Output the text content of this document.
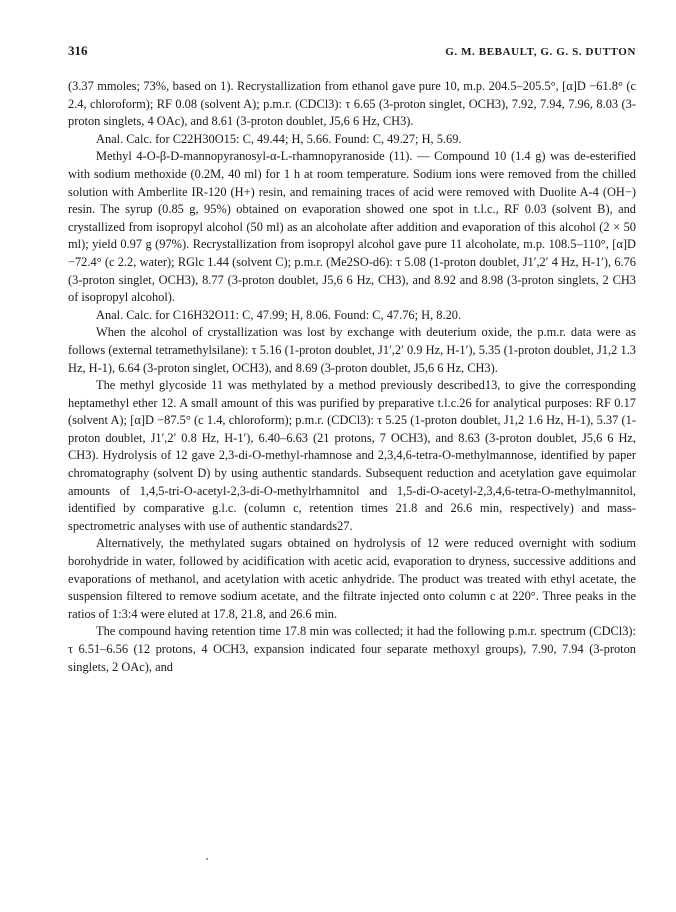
316	G. M. BEBAULT, G. G. S. DUTTON

(3.37 mmoles; 73%, based on 1). Recrystallization from ethanol gave pure 10, m.p. 204.5–205.5°, [α]D −61.8° (c 2.4, chloroform); RF 0.08 (solvent A); p.m.r. (CDCl3): τ 6.65 (3-proton singlet, OCH3), 7.92, 7.94, 7.96, 8.03 (3-proton singlets, 4 OAc), and 8.61 (3-proton doublet, J5,6 6 Hz, CH3).

Anal. Calc. for C22H30O15: C, 49.44; H, 5.66. Found: C, 49.27; H, 5.69.

Methyl 4-O-β-D-mannopyranosyl-α-L-rhamnopyranoside (11). — Compound 10 (1.4 g) was de-esterified with sodium methoxide (0.2M, 40 ml) for 1 h at room temperature. Sodium ions were removed from the chilled solution with Amberlite IR-120 (H+) resin, and remaining traces of acid were removed with Duolite A-4 (OH−) resin. The syrup (0.85 g, 95%) obtained on evaporation showed one spot in t.l.c., RF 0.03 (solvent B), and crystallized from isopropyl alcohol (50 ml) as an alcoholate after addition and evaporation of this alcohol (2 × 50 ml); yield 0.97 g (97%). Recrystallization from isopropyl alcohol gave pure 11 alcoholate, m.p. 108.5–110°, [α]D −72.4° (c 2.2, water); RGlc 1.44 (solvent C); p.m.r. (Me2SO-d6): τ 5.08 (1-proton doublet, J1′,2′ 4 Hz, H-1′), 6.76 (3-proton singlet, OCH3), 8.77 (3-proton doublet, J5,6 6 Hz, CH3), and 8.92 and 8.98 (3-proton singlets, 2 CH3 of isopropyl alcohol).

Anal. Calc. for C16H32O11: C, 47.99; H, 8.06. Found: C, 47.76; H, 8.20.

When the alcohol of crystallization was lost by exchange with deuterium oxide, the p.m.r. data were as follows (external tetramethylsilane): τ 5.16 (1-proton doublet, J1′,2′ 0.9 Hz, H-1′), 5.35 (1-proton doublet, J1,2 1.3 Hz, H-1), 6.64 (3-proton singlet, OCH3), and 8.69 (3-proton doublet, J5,6 6 Hz, CH3).

The methyl glycoside 11 was methylated by a method previously described13, to give the corresponding heptamethyl ether 12. A small amount of this was purified by preparative t.l.c.26 for analytical purposes: RF 0.17 (solvent A); [α]D −87.5° (c 1.4, chloroform); p.m.r. (CDCl3): τ 5.25 (1-proton doublet, J1,2 1.6 Hz, H-1), 5.37 (1-proton doublet, J1′,2′ 0.8 Hz, H-1′), 6.40–6.63 (21 protons, 7 OCH3), and 8.63 (3-proton doublet, J5,6 6 Hz, CH3). Hydrolysis of 12 gave 2,3-di-O-methyl-rhamnose and 2,3,4,6-tetra-O-methylmannose, identified by paper chromatography (solvent D) by using authentic standards. Subsequent reduction and acetylation gave equimolar amounts of 1,4,5-tri-O-acetyl-2,3-di-O-methylrhamnitol and 1,5-di-O-acetyl-2,3,4,6-tetra-O-methylmannitol, identified by comparative g.l.c. (column c, retention times 21.8 and 26.6 min, respectively) and mass-spectrometric analyses with use of authentic standards27.

Alternatively, the methylated sugars obtained on hydrolysis of 12 were reduced overnight with sodium borohydride in water, followed by acidification with acetic acid, evaporation to dryness, successive additions and evaporations of methanol, and acetylation with acetic anhydride. The product was treated with ethyl acetate, the suspension filtered to remove sodium acetate, and the filtrate injected onto column c at 220°. Three peaks in the ratios of 1:3:4 were eluted at 17.8, 21.8, and 26.6 min.

The compound having retention time 17.8 min was collected; it had the following p.m.r. spectrum (CDCl3): τ 6.51–6.56 (12 protons, 4 OCH3, expansion indicated four separate methoxyl groups), 7.90, 7.94 (3-proton singlets, 2 OAc), and
